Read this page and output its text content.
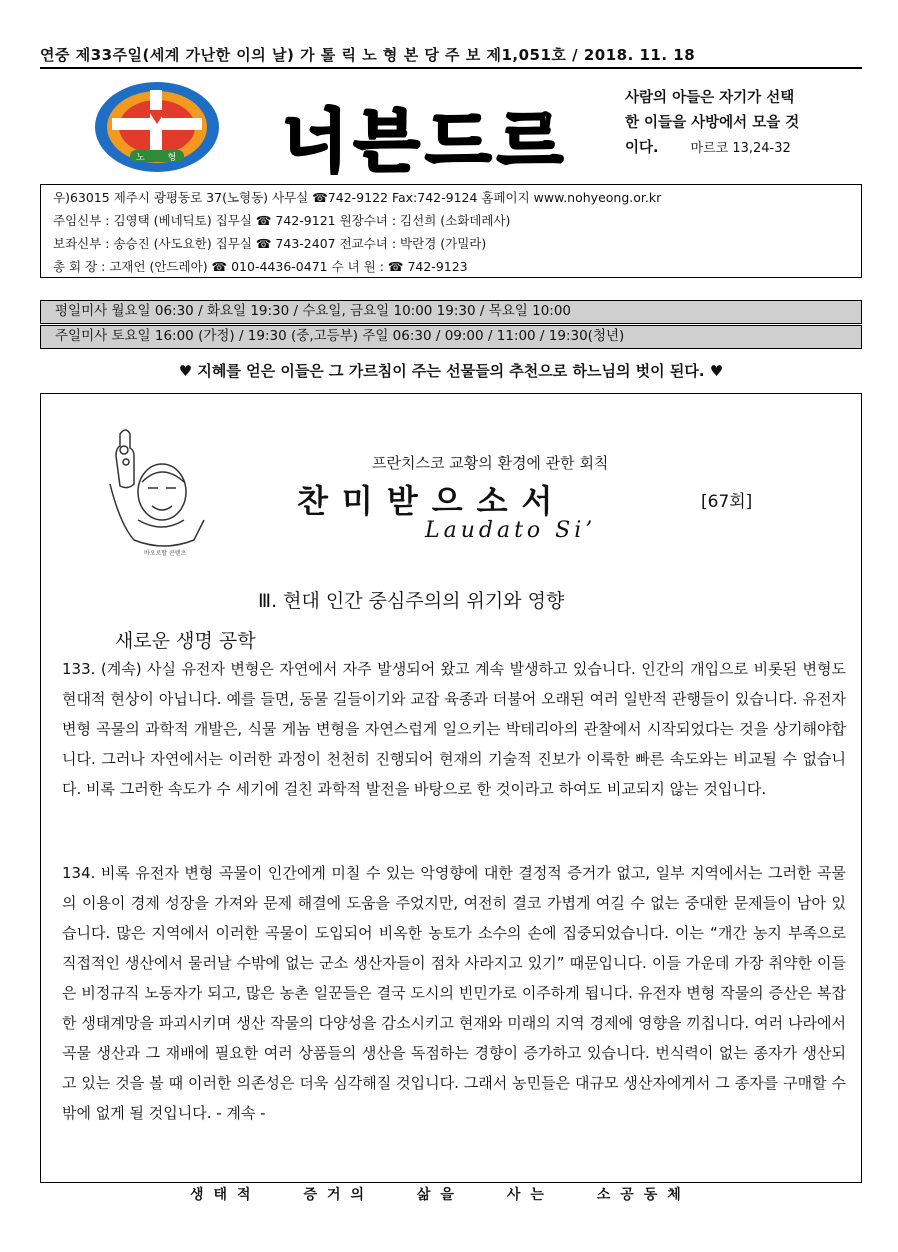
연중 제33주일(세계 가난한 이의 날) 가 톨 릭 노 형 본 당 주 보 제1,051호 / 2018. 11. 18
노 형 너븐드르
사람의 아들은 자기가 선택
한 이들을 사방에서 모을 것
이다. 마르코 13,24-32
우)63015 제주시 광평동로 37(노형동) 사무실 ☎742-9122 Fax:742-9124 홈페이지 www.nohyeong.or.kr
주임신부 : 김영택 (베네딕토) 집무실 ☎ 742-9121 원장수녀 : 김선희 (소화데레사)
보좌신부 : 송승진 (사도요한) 집무실 ☎ 743-2407 전교수녀 : 박란경 (가밀라)
총 회 장 : 고재언 (안드레아) ☎ 010-4436-0471 수 녀 원 : ☎ 742-9123
평일미사 월요일 06:30 / 화요일 19:30 / 수요일, 금요일 10:00 19:30 / 목요일 10:00
주일미사 토요일 16:00 (가정) / 19:30 (중,고등부) 주일 06:30 / 09:00 / 11:00 / 19:30(청년)
♥ 지혜를 얻은 이들은 그 가르침이 주는 선물들의 추천으로 하느님의 벗이 된다. ♥
바오로딸 콘텐츠
프란치스코 교황의 환경에 관한 회칙
찬미받으소서	[67회]
Laudato Si’
Ⅲ. 현대 인간 중심주의의 위기와 영향
새로운 생명 공학
133. (계속) 사실 유전자 변형은 자연에서 자주 발생되어 왔고 계속 발생하고 있습니다. 인간의 개입으로 비롯된 변형도 현대적 현상이 아닙니다. 예를 들면, 동물 길들이기와 교잡 육종과 더불어 오래된 여러 일반적 관행들이 있습니다. 유전자 변형 곡물의 과학적 개발은, 식물 게놈 변형을 자연스럽게 일으키는 박테리아의 관찰에서 시작되었다는 것을 상기해야합니다. 그러나 자연에서는 이러한 과정이 천천히 진행되어 현재의 기술적 진보가 이룩한 빠른 속도와는 비교될 수 없습니다. 비록 그러한 속도가 수 세기에 걸친 과학적 발전을 바탕으로 한 것이라고 하여도 비교되지 않는 것입니다.
134. 비록 유전자 변형 곡물이 인간에게 미칠 수 있는 악영향에 대한 결정적 증거가 없고, 일부 지역에서는 그러한 곡물의 이용이 경제 성장을 가져와 문제 해결에 도움을 주었지만, 여전히 결코 가볍게 여길 수 없는 중대한 문제들이 남아 있습니다. 많은 지역에서 이러한 곡물이 도입되어 비옥한 농토가 소수의 손에 집중되었습니다. 이는 “개간 농지 부족으로 직접적인 생산에서 물러날 수밖에 없는 군소 생산자들이 점차 사라지고 있기” 때문입니다. 이들 가운데 가장 취약한 이들은 비정규직 노동자가 되고, 많은 농촌 일꾼들은 결국 도시의 빈민가로 이주하게 됩니다. 유전자 변형 작물의 증산은 복잡한 생태계망을 파괴시키며 생산 작물의 다양성을 감소시키고 현재와 미래의 지역 경제에 영향을 끼칩니다. 여러 나라에서 곡물 생산과 그 재배에 필요한 여러 상품들의 생산을 독점하는 경향이 증가하고 있습니다. 번식력이 없는 종자가 생산되고 있는 것을 볼 때 이러한 의존성은 더욱 심각해질 것입니다. 그래서 농민들은 대규모 생산자에게서 그 종자를 구매할 수밖에 없게 될 것입니다. - 계속 -
생태적 증거의 삶을 사는 소공동체
